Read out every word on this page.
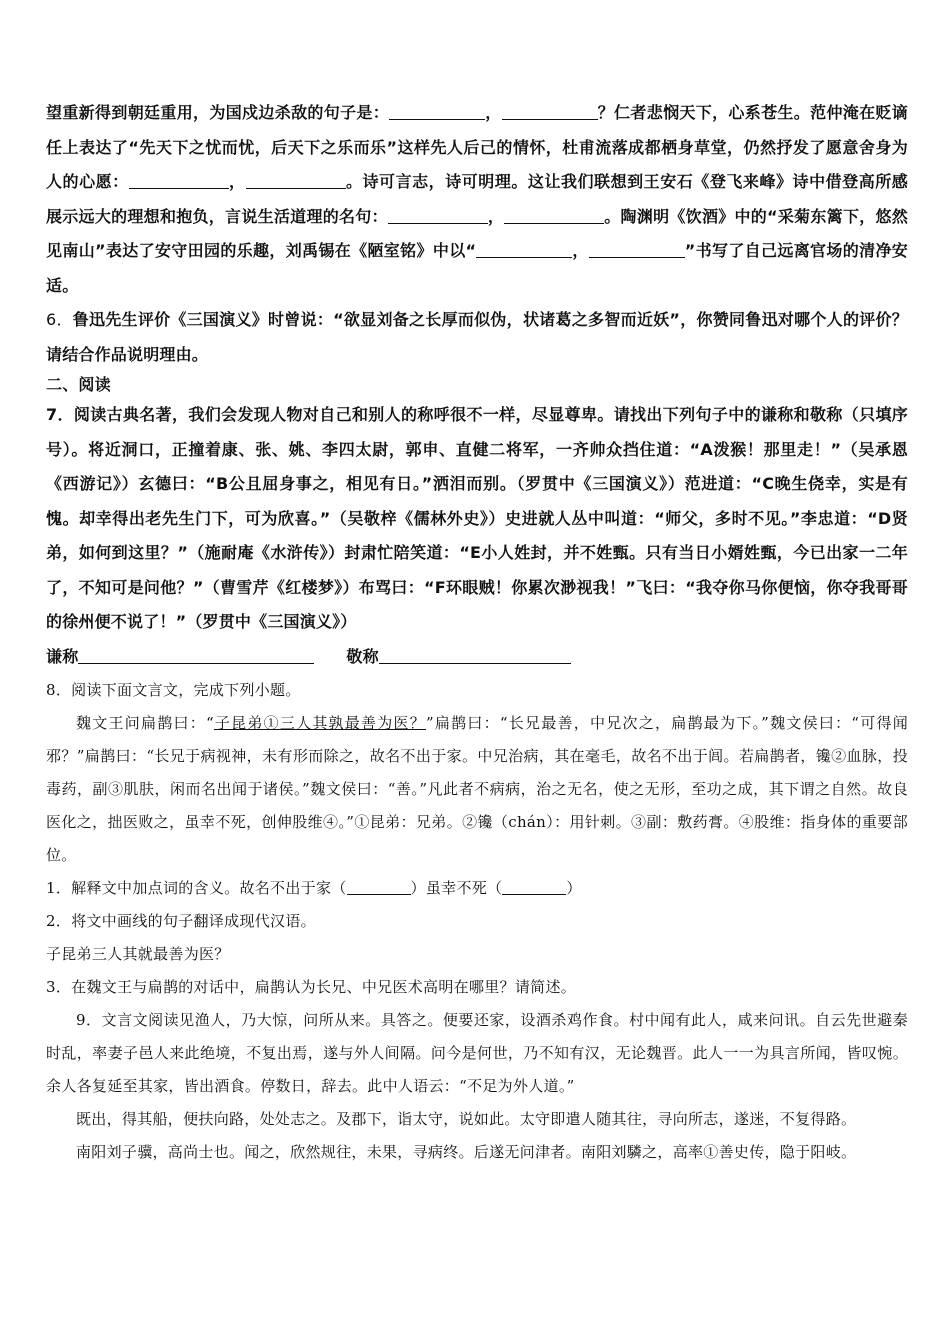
望重新得到朝廷重用，为国戍边杀敌的句子是：	，	？仁者悲悯天下，心系苍生。范仲淹在贬谪任上表达了“先天下之忧而忧，后天下之乐而乐”这样先人后己的情怀，杜甫流落成都栖身草堂，仍然抒发了愿意舍身为人的心愿：	，	。诗可言志，诗可明理。这让我们联想到王安石《登飞来峰》诗中借登高所感展示远大的理想和抱负，言说生活道理的名句：	，	。陶渊明《饮酒》中的“采菊东篱下，悠然见南山”表达了安守田园的乐趣，刘禹锡在《陋室铭》中以“	，	”书写了自己远离官场的清净安适。

6．鲁迅先生评价《三国演义》时曾说：“欲显刘备之长厚而似伪，状诸葛之多智而近妖”，你赞同鲁迅对哪个人的评价？请结合作品说明理由。

二、阅读

7．阅读古典名著，我们会发现人物对自己和别人的称呼很不一样，尽显尊卑。请找出下列句子中的谦称和敬称（只填序号）。将近洞口，正撞着康、张、姚、李四太尉，郭申、直健二将军，一齐帅众挡住道：“A泼猴！那里走！”（吴承恩《西游记》）玄德曰：“B公且屈身事之，相见有日。”洒泪而别。（罗贯中《三国演义》）范进道：“C晚生侥幸，实是有愧。却幸得出老先生门下，可为欣喜。”（吴敬梓《儒林外史》）史进就人丛中叫道：“师父，多时不见。”李忠道：“D贤弟，如何到这里？”（施耐庵《水浒传》）封肃忙陪笑道：“E小人姓封，并不姓甄。只有当日小婿姓甄，今已出家一二年了，不知可是问他？”（曹雪芹《红楼梦》）布骂曰：“F环眼贼！你累次渺视我！”飞曰：“我夺你马你便恼，你夺我哥哥的徐州便不说了！”（罗贯中《三国演义》）

谦称	敬称

8．阅读下面文言文，完成下列小题。

魏文王问扁鹊曰：“子昆弟①三人其孰最善为医？”扁鹊曰：“长兄最善，中兄次之，扁鹊最为下。”魏文侯曰：“可得闻邪？”扁鹊曰：“长兄于病视神，未有形而除之，故名不出于家。中兄治病，其在毫毛，故名不出于闾。若扁鹊者，镵②血脉，投毒药，副③肌肤，闲而名出闻于诸侯。”魏文侯曰：“善。”凡此者不病病，治之无名，使之无形，至功之成，其下谓之自然。故良医化之，拙医败之，虽幸不死，创伸股维④。”①昆弟：兄弟。②镵（chán）：用针刺。③副：敷药膏。④股维：指身体的重要部位。

1．解释文中加点词的含义。故名不出于家（	）虽幸不死（	）

2．将文中画线的句子翻译成现代汉语。

子昆弟三人其就最善为医？

3．在魏文王与扁鹊的对话中，扁鹊认为长兄、中兄医术高明在哪里？请简述。

9．文言文阅读见渔人，乃大惊，问所从来。具答之。便要还家，设酒杀鸡作食。村中闻有此人，咸来问讯。自云先世避秦时乱，率妻子邑人来此绝境，不复出焉，遂与外人间隔。问今是何世，乃不知有汉，无论魏晋。此人一一为具言所闻，皆叹惋。余人各复延至其家，皆出酒食。停数日，辞去。此中人语云：“不足为外人道。”

既出，得其船，便扶向路，处处志之。及郡下，诣太守，说如此。太守即遣人随其往，寻向所志，遂迷，不复得路。

南阳刘子骥，高尚士也。闻之，欣然规往，未果，寻病终。后遂无问津者。南阳刘驎之，高率①善史传，隐于阳岐。
